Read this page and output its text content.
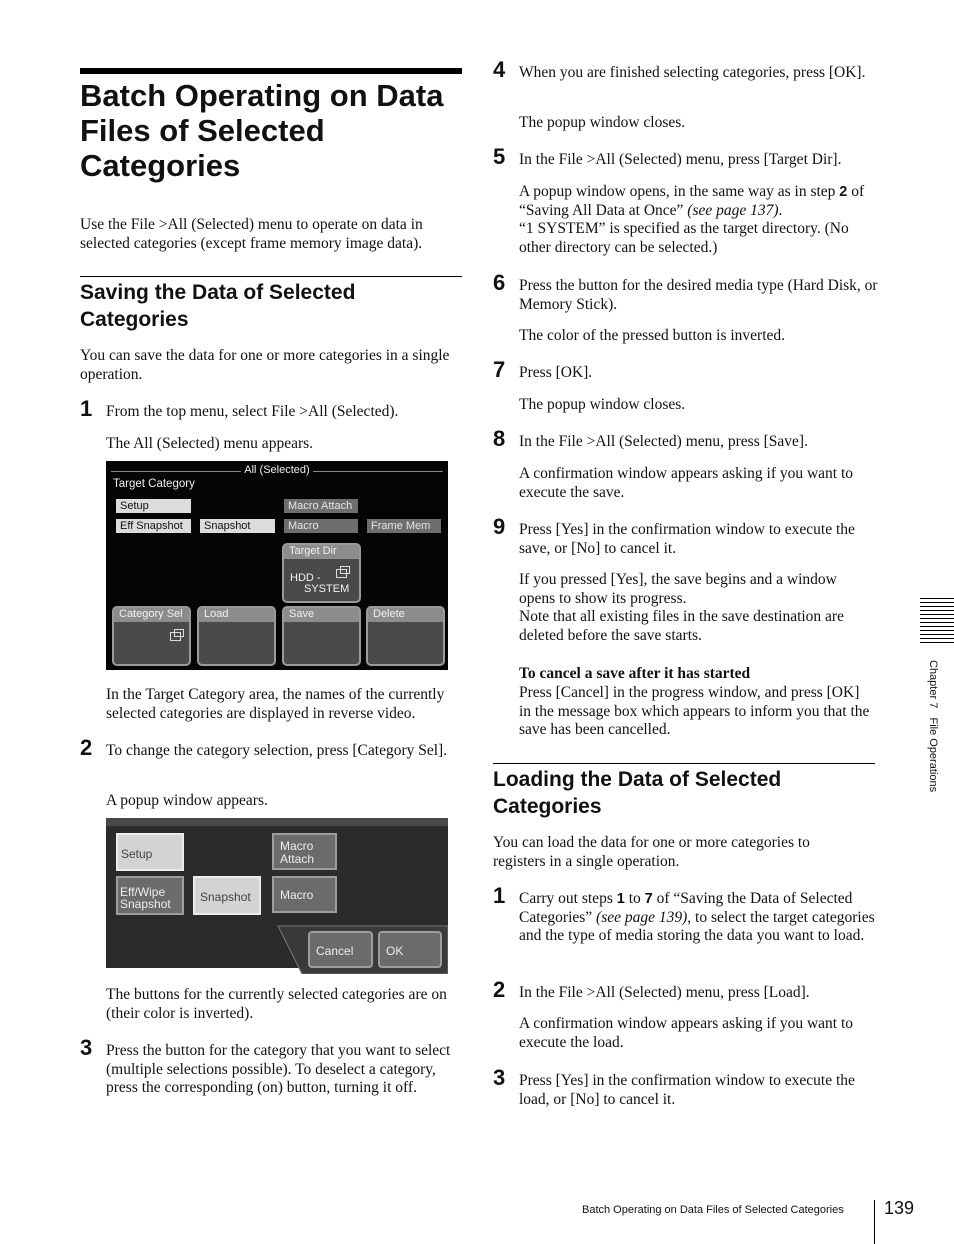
Batch Operating on Data Files of Selected Categories

Use the File >All (Selected) menu to operate on data in selected categories (except frame memory image data).

Saving the Data of Selected Categories

You can save the data for one or more categories in a single operation.

1 From the top menu, select File >All (Selected).

The All (Selected) menu appears.

All (Selected)
Target Category
Setup	Macro Attach
Eff Snapshot	Snapshot	Macro	Frame Mem
Target Dir
HDD -
SYSTEM
Category Sel Load	Save	Delete

In the Target Category area, the names of the currently selected categories are displayed in reverse video.

2 To change the category selection, press [Category Sel].

A popup window appears.

Setup
Macro
Attach
Eff/Wipe
Snapshot Snapshot Macro
Cancel	OK

The buttons for the currently selected categories are on (their color is inverted).

3 Press the button for the category that you want to select (multiple selections possible). To deselect a category, press the corresponding (on) button, turning it off.

4 When you are finished selecting categories, press [OK].

The popup window closes.

5 In the File >All (Selected) menu, press [Target Dir].

A popup window opens, in the same way as in step 2 of “Saving All Data at Once” (see page 137).
“1 SYSTEM” is specified as the target directory. (No other directory can be selected.)

6 Press the button for the desired media type (Hard Disk, or Memory Stick).

The color of the pressed button is inverted.

7 Press [OK].

The popup window closes.

8 In the File >All (Selected) menu, press [Save].

A confirmation window appears asking if you want to execute the save.

9 Press [Yes] in the confirmation window to execute the save, or [No] to cancel it.

If you pressed [Yes], the save begins and a window opens to show its progress.
Note that all existing files in the save destination are deleted before the save starts.

To cancel a save after it has started

Press [Cancel] in the progress window, and press [OK] in the message box which appears to inform you that the save has been cancelled.

Loading the Data of Selected Categories

You can load the data for one or more categories to registers in a single operation.

1 Carry out steps 1 to 7 of “Saving the Data of Selected Categories” (see page 139), to select the target categories and the type of media storing the data you want to load.

2 In the File >All (Selected) menu, press [Load].

A confirmation window appears asking if you want to execute the load.

3 Press [Yes] in the confirmation window to execute the load, or [No] to cancel it.

Chapter 7   File Operations
Batch Operating on Data Files of Selected Categories 139
